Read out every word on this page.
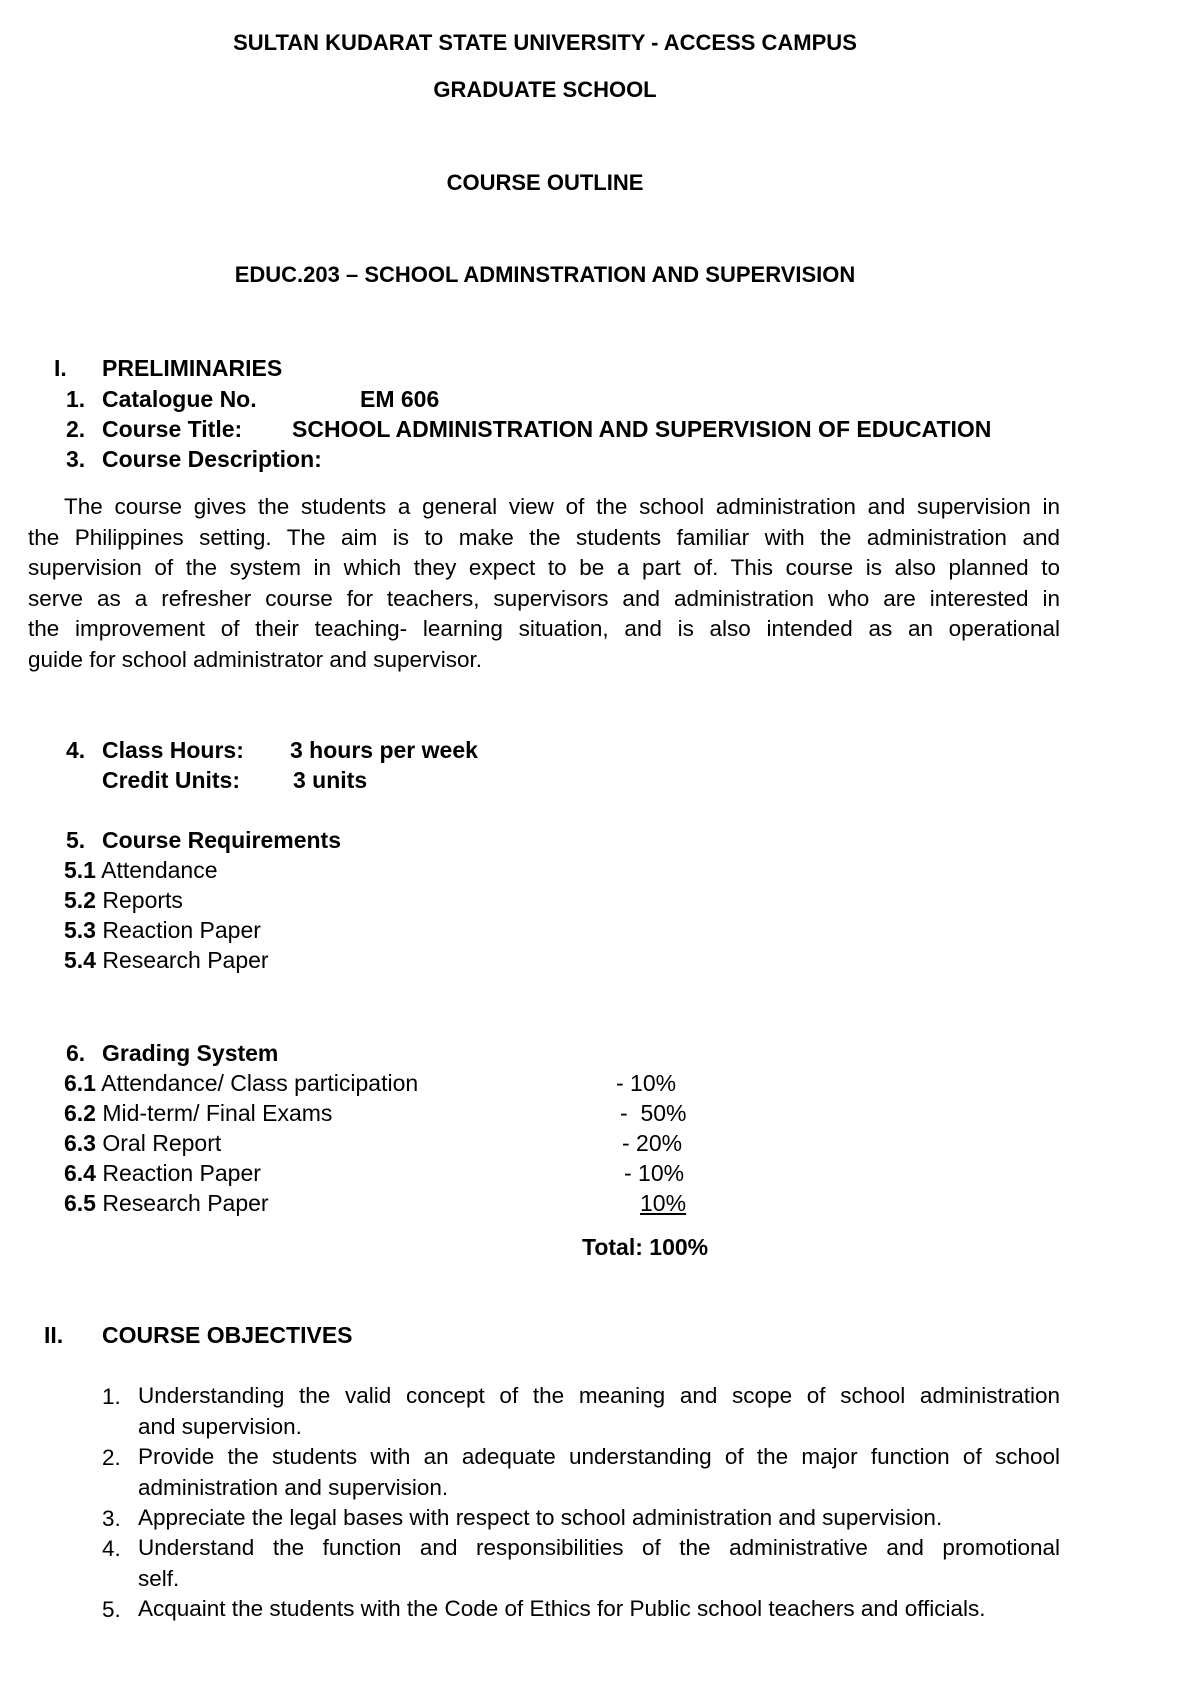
SULTAN KUDARAT STATE UNIVERSITY - ACCESS CAMPUS
GRADUATE SCHOOL
COURSE OUTLINE
EDUC.203 – SCHOOL ADMINSTRATION AND SUPERVISION
I. PRELIMINARIES
1. Catalogue No.	EM 606
2. Course Title: SCHOOL ADMINISTRATION AND SUPERVISION OF EDUCATION
3. Course Description:
The course gives the students a general view of the school administration and supervision in
the Philippines setting. The aim is to make the students familiar with the administration and
supervision of the system in which they expect to be a part of. This course is also planned to
serve as a refresher course for teachers, supervisors and administration who are interested in
the improvement of their teaching- learning situation, and is also intended as an operational
guide for school administrator and supervisor.
4. Class Hours: 3 hours per week
Credit Units: 3 units
5. Course Requirements
5.1 Attendance
5.2 Reports
5.3 Reaction Paper
5.4 Research Paper
6. Grading System
6.1 Attendance/ Class participation	- 10%
6.2 Mid-term/ Final Exams	-  50%
6.3 Oral Report	- 20%
6.4 Reaction Paper	- 10%
6.5 Research Paper	10%
Total: 100%
II. COURSE OBJECTIVES
1. Understanding the valid concept of the meaning and scope of school administration
and supervision.
2. Provide the students with an adequate understanding of the major function of school
administration and supervision.
3. Appreciate the legal bases with respect to school administration and supervision.
4. Understand the function and responsibilities of the administrative and promotional
self.
5. Acquaint the students with the Code of Ethics for Public school teachers and officials.
